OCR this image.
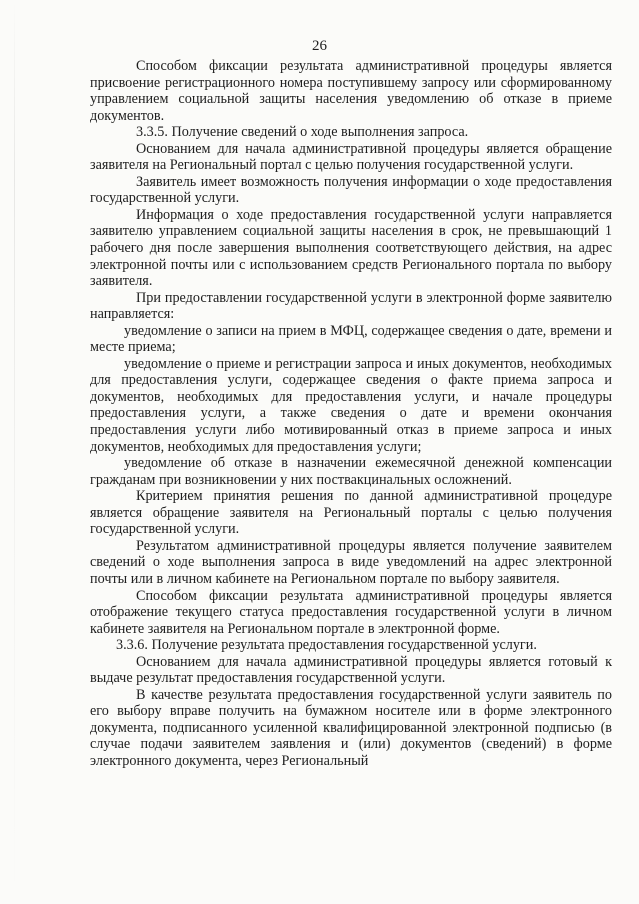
26

Способом фиксации результата административной процедуры является присвоение регистрационного номера поступившему запросу или сформированному управлением социальной защиты населения уведомлению об отказе в приеме документов.

3.3.5. Получение сведений о ходе выполнения запроса.

Основанием для начала административной процедуры является обращение заявителя на Региональный портал с целью получения государственной услуги.

Заявитель имеет возможность получения информации о ходе предоставления государственной услуги.

Информация о ходе предоставления государственной услуги направляется заявителю управлением социальной защиты населения в срок, не превышающий 1 рабочего дня после завершения выполнения соответствующего действия, на адрес электронной почты или с использованием средств Регионального портала по выбору заявителя.

При предоставлении государственной услуги в электронной форме заявителю направляется:

уведомление о записи на прием в МФЦ, содержащее сведения о дате, времени и месте приема;

уведомление о приеме и регистрации запроса и иных документов, необходимых для предоставления услуги, содержащее сведения о факте приема запроса и документов, необходимых для предоставления услуги, и начале процедуры предоставления услуги, а также сведения о дате и времени окончания предоставления услуги либо мотивированный отказ в приеме запроса и иных документов, необходимых для предоставления услуги;

уведомление об отказе в назначении ежемесячной денежной компенсации гражданам при возникновении у них поствакцинальных осложнений.

Критерием принятия решения по данной административной процедуре является обращение заявителя на Региональный порталы с целью получения государственной услуги.

Результатом административной процедуры является получение заявителем сведений о ходе выполнения запроса в виде уведомлений на адрес электронной почты или в личном кабинете на Региональном портале по выбору заявителя.

Способом фиксации результата административной процедуры является отображение текущего статуса предоставления государственной услуги в личном кабинете заявителя на Региональном портале в электронной форме.

3.3.6. Получение результата предоставления государственной услуги.

Основанием для начала административной процедуры является готовый к выдаче результат предоставления государственной услуги.

В качестве результата предоставления государственной услуги заявитель по его выбору вправе получить на бумажном носителе или в форме электронного документа, подписанного усиленной квалифицированной электронной подписью (в случае подачи заявителем заявления и (или) документов (сведений) в форме электронного документа, через Региональный
